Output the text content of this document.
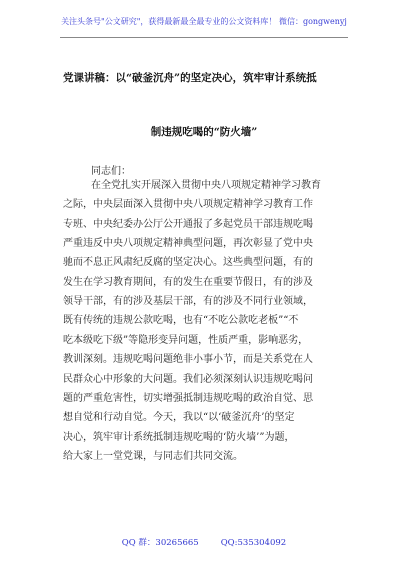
关注头条号"公文研究"，获得最新最全最专业的公文资料库！ 微信：gongwenyj
党课讲稿：以“破釜沉舟”的坚定决心，筑牢审计系统抵
制违规吃喝的“防火墙”
同志们：
在全党扎实开展深入贯彻中央八项规定精神学习教育
之际，中央层面深入贯彻中央八项规定精神学习教育工作
专班、中央纪委办公厅公开通报了多起党员干部违规吃喝
严重违反中央八项规定精神典型问题，再次彰显了党中央
驰而不息正风肃纪反腐的坚定决心。这些典型问题，有的
发生在学习教育期间，有的发生在重要节假日，有的涉及
领导干部，有的涉及基层干部，有的涉及不同行业领域，
既有传统的违规公款吃喝，也有“不吃公款吃老板”“不
吃本级吃下级”等隐形变异问题，性质严重，影响恶劣，
教训深刻。违规吃喝问题绝非小事小节，而是关系党在人
民群众心中形象的大问题。我们必须深刻认识违规吃喝问
题的严重危害性，切实增强抵制违规吃喝的政治自觉、思
想自觉和行动自觉。今天，我以“以‘破釜沉舟’的坚定
决心，筑牢审计系统抵制违规吃喝的‘防火墙’”为题，
给大家上一堂党课，与同志们共同交流。
QQ 群：30265665	QQ:535304092
